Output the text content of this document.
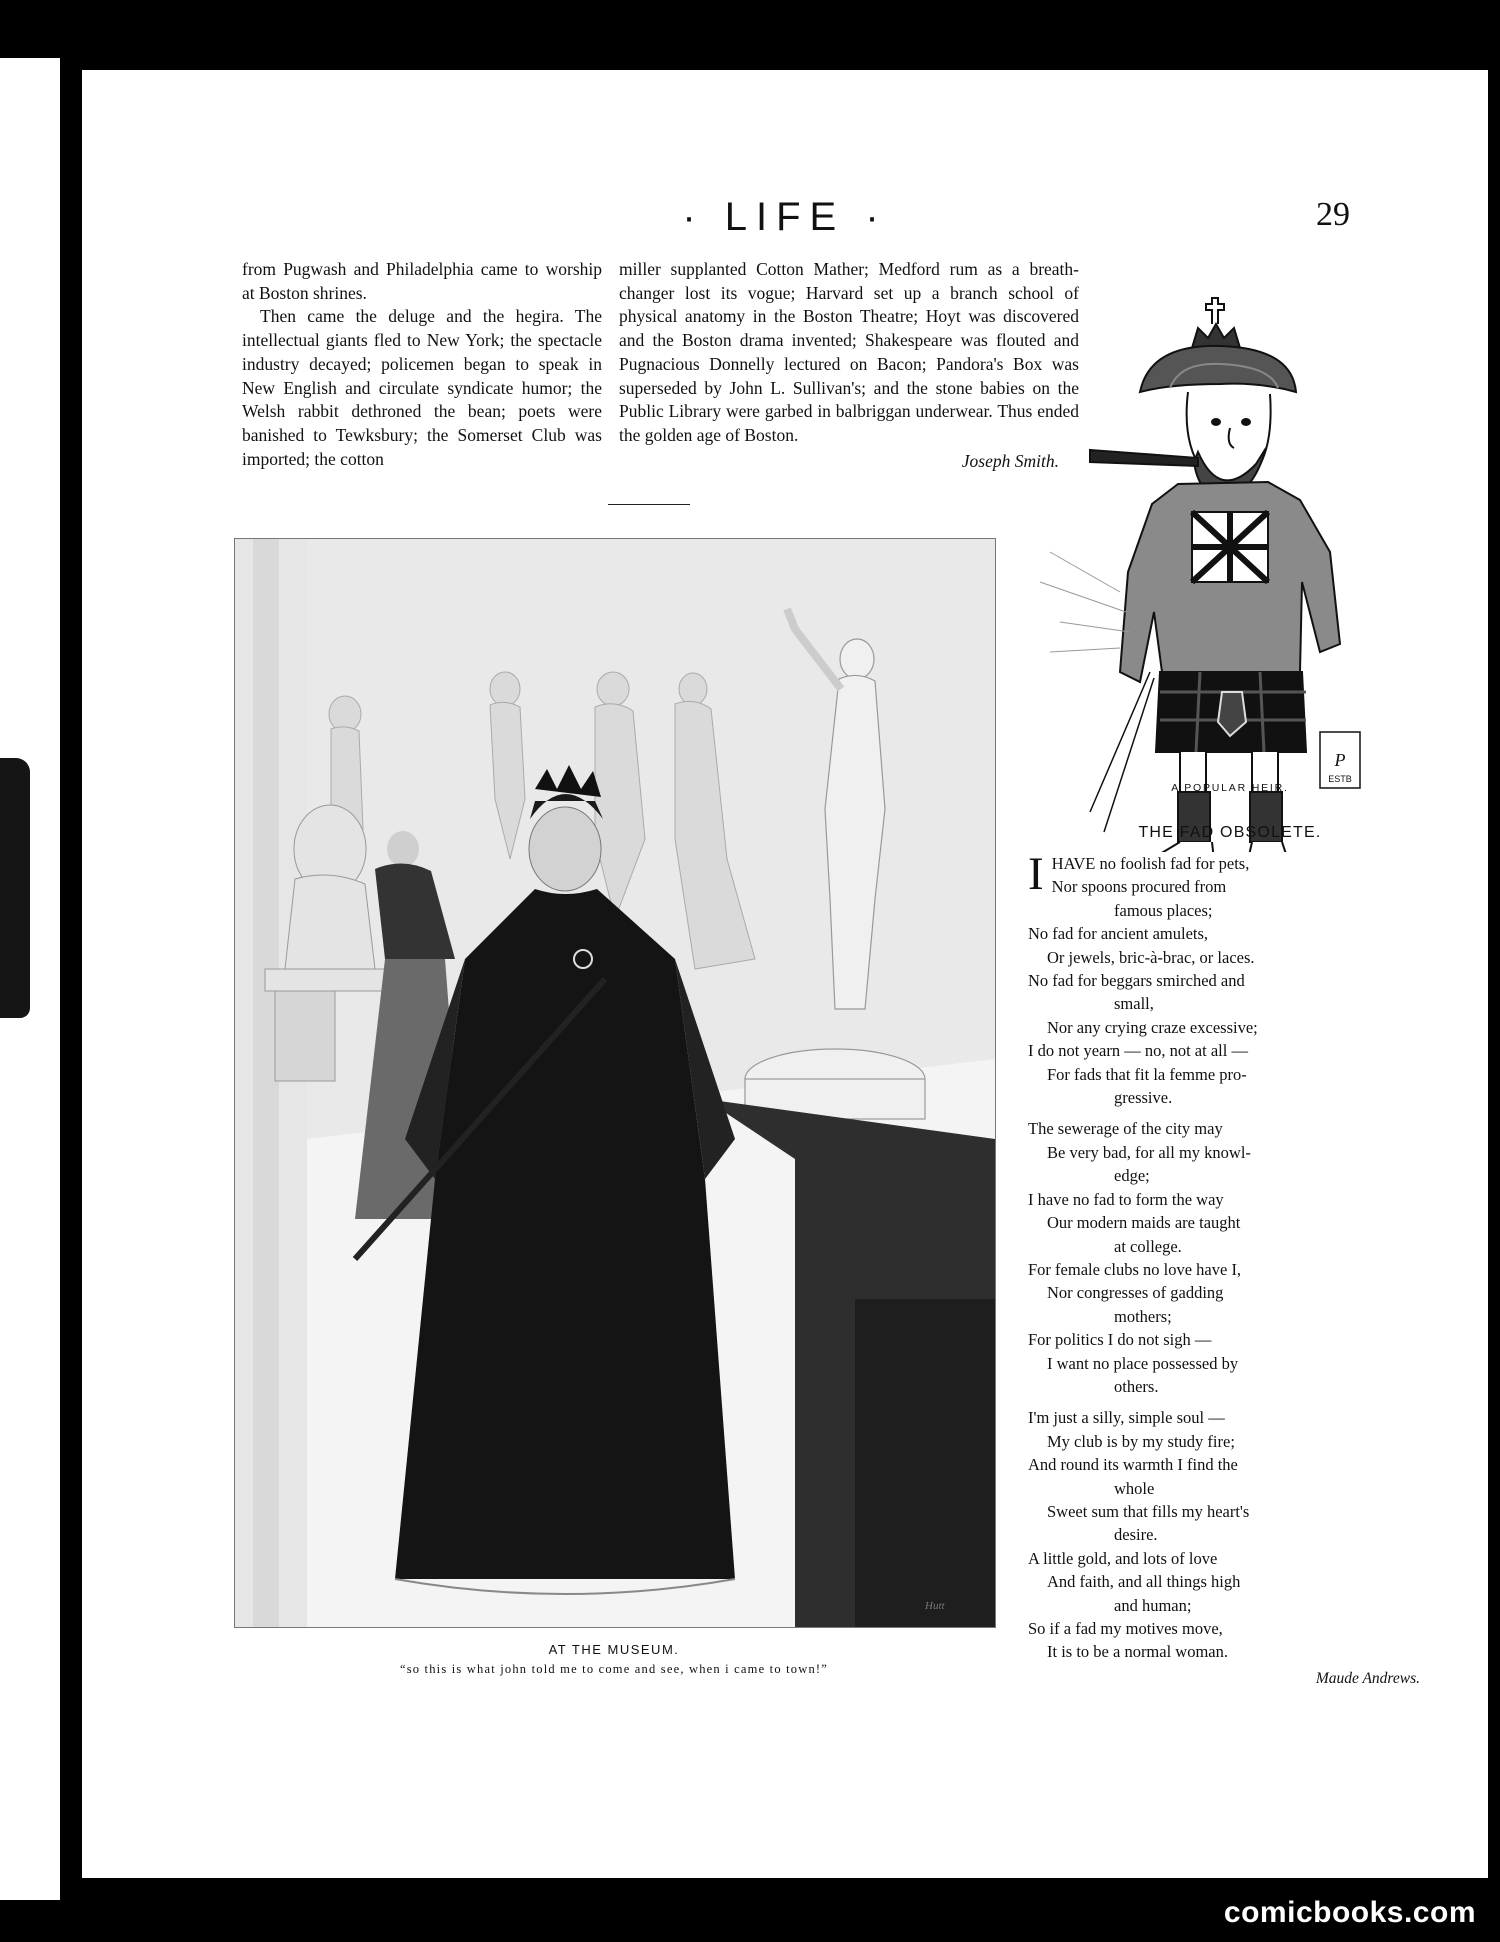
· LIFE ·	29

from Pugwash and Philadelphia came to worship at Boston shrines.

Then came the deluge and the hegira. The intellectual giants fled to New York; the spectacle industry decayed; policemen began to speak in New English and circulate syndicate humor; the Welsh rabbit dethroned the bean; poets were banished to Tewksbury; the Somerset Club was imported; the cotton

miller supplanted Cotton Mather; Medford rum as a breath-changer lost its vogue; Harvard set up a branch school of physical anatomy in the Boston Theatre; Hoyt was discovered and the Boston drama invented; Shakespeare was flouted and Pugnacious Donnelly lectured on Bacon; Pandora's Box was superseded by John L. Sullivan's; and the stone babies on the Public Library were garbed in balbriggan underwear. Thus ended the golden age of Boston.

Joseph Smith.
Hutt
AT THE MUSEUM.
“so this is what john told me to come and see, when i came to town!”
P
ESTB
A POPULAR HEIR.
THE FAD OBSOLETE.
I HAVE no foolish fad for pets,
Nor spoons procured from
famous places;
No fad for ancient amulets,
Or jewels, bric-à-brac, or laces.
No fad for beggars smirched and
small,
Nor any crying craze excessive;
I do not yearn — no, not at all —
For fads that fit la femme pro-
gressive.
The sewerage of the city may
Be very bad, for all my knowl-
edge;
I have no fad to form the way
Our modern maids are taught
at college.
For female clubs no love have I,
Nor congresses of gadding
mothers;
For politics I do not sigh —
I want no place possessed by
others.
I'm just a silly, simple soul —
My club is by my study fire;
And round its warmth I find the
whole
Sweet sum that fills my heart's
desire.
A little gold, and lots of love
And faith, and all things high
and human;
So if a fad my motives move,
It is to be a normal woman.
Maude Andrews.
comicbooks.com
